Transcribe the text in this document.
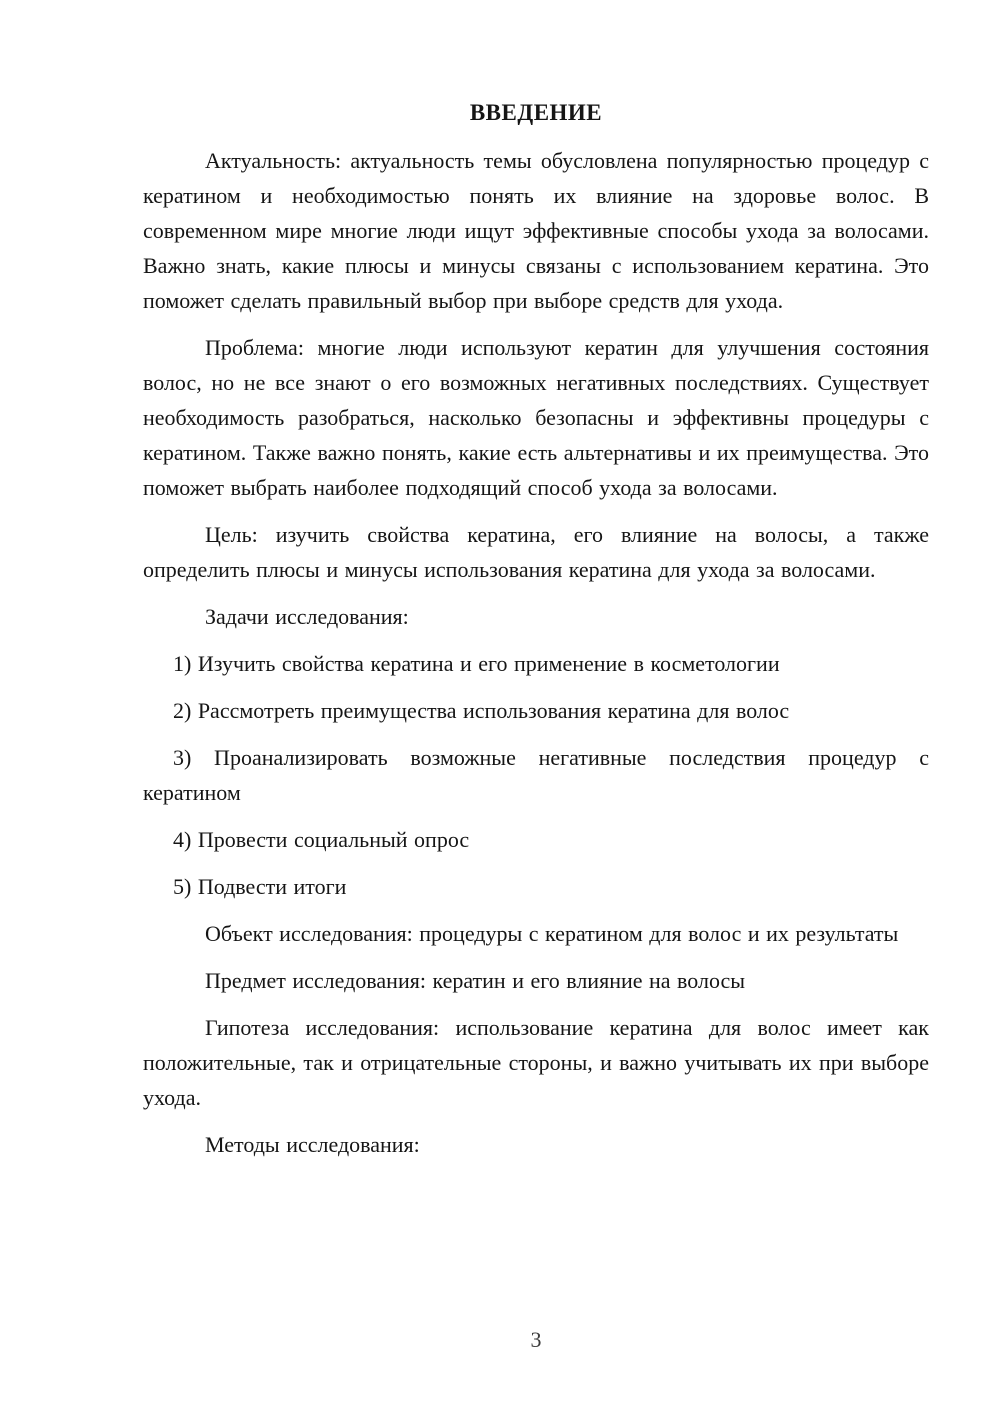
ВВЕДЕНИЕ

Актуальность: актуальность темы обусловлена популярностью процедур с кератином и необходимостью понять их влияние на здоровье волос. В современном мире многие люди ищут эффективные способы ухода за волосами. Важно знать, какие плюсы и минусы связаны с использованием кератина. Это поможет сделать правильный выбор при выборе средств для ухода.

Проблема: многие люди используют кератин для улучшения состояния волос, но не все знают о его возможных негативных последствиях. Существует необходимость разобраться, насколько безопасны и эффективны процедуры с кератином. Также важно понять, какие есть альтернативы и их преимущества. Это поможет выбрать наиболее подходящий способ ухода за волосами.

Цель: изучить свойства кератина, его влияние на волосы, а также определить плюсы и минусы использования кератина для ухода за волосами.

Задачи исследования:

1) Изучить свойства кератина и его применение в косметологии

2) Рассмотреть преимущества использования кератина для волос

3) Проанализировать возможные негативные последствия процедур с кератином

4) Провести социальный опрос

5) Подвести итоги

Объект исследования: процедуры с кератином для волос и их результаты

Предмет исследования: кератин и его влияние на волосы

Гипотеза исследования: использование кератина для волос имеет как положительные, так и отрицательные стороны, и важно учитывать их при выборе ухода.

Методы исследования:

3
